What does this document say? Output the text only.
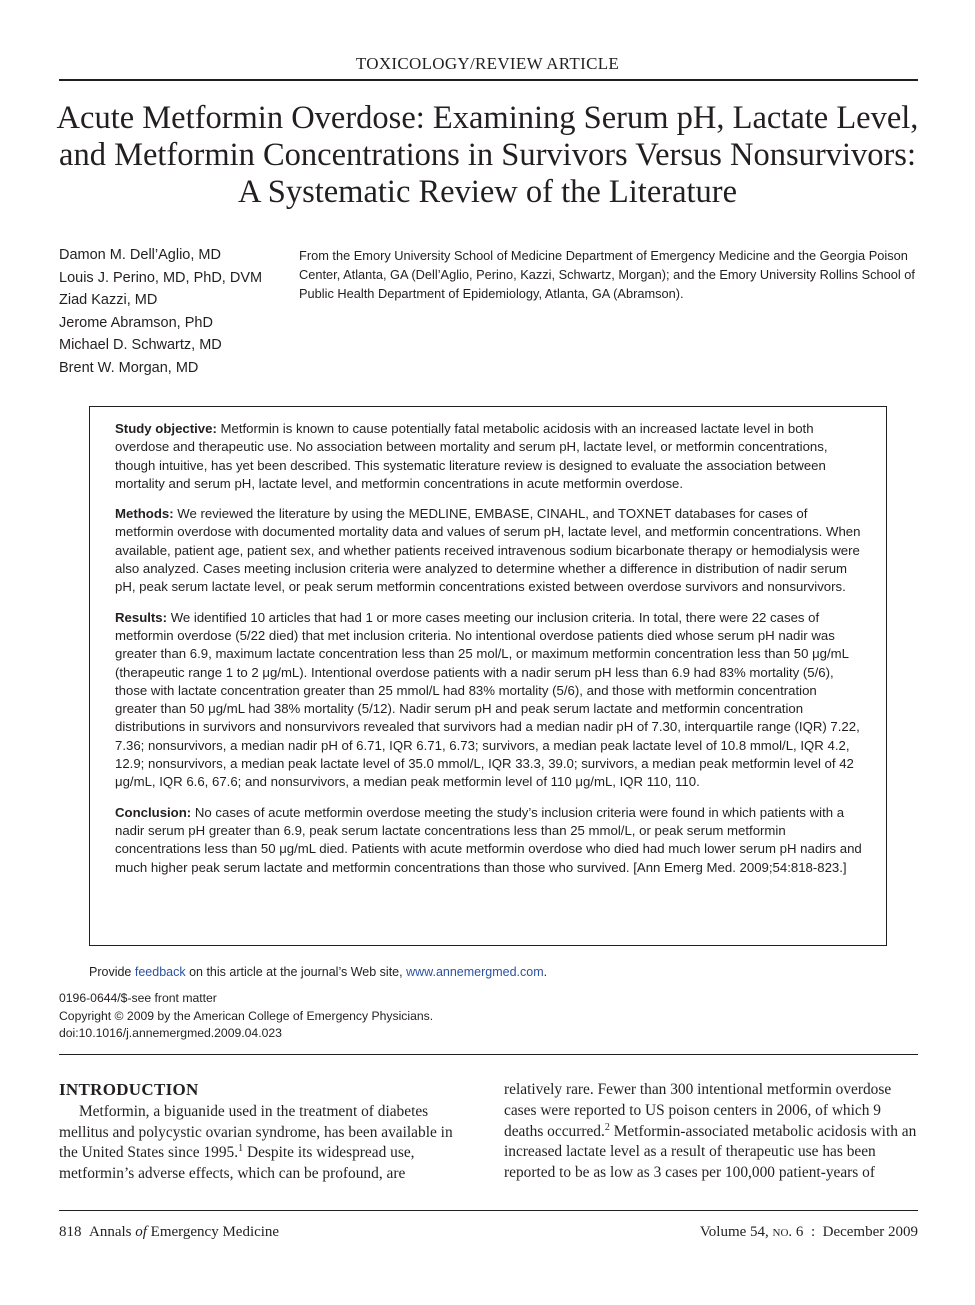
TOXICOLOGY/REVIEW ARTICLE
Acute Metformin Overdose: Examining Serum pH, Lactate Level,
and Metformin Concentrations in Survivors Versus Nonsurvivors:
A Systematic Review of the Literature
Damon M. Dell’Aglio, MD
Louis J. Perino, MD, PhD, DVM
Ziad Kazzi, MD
Jerome Abramson, PhD
Michael D. Schwartz, MD
Brent W. Morgan, MD
From the Emory University School of Medicine Department of Emergency Medicine and the Georgia Poison Center, Atlanta, GA (Dell’Aglio, Perino, Kazzi, Schwartz, Morgan); and the Emory University Rollins School of Public Health Department of Epidemiology, Atlanta, GA (Abramson).

Study objective: Metformin is known to cause potentially fatal metabolic acidosis with an increased lactate level in both overdose and therapeutic use. No association between mortality and serum pH, lactate level, or metformin concentrations, though intuitive, has yet been described. This systematic literature review is designed to evaluate the association between mortality and serum pH, lactate level, and metformin concentrations in acute metformin overdose.

Methods: We reviewed the literature by using the MEDLINE, EMBASE, CINAHL, and TOXNET databases for cases of metformin overdose with documented mortality data and values of serum pH, lactate level, and metformin concentrations. When available, patient age, patient sex, and whether patients received intravenous sodium bicarbonate therapy or hemodialysis were also analyzed. Cases meeting inclusion criteria were analyzed to determine whether a difference in distribution of nadir serum pH, peak serum lactate level, or peak serum metformin concentrations existed between overdose survivors and nonsurvivors.

Results: We identified 10 articles that had 1 or more cases meeting our inclusion criteria. In total, there were 22 cases of metformin overdose (5/22 died) that met inclusion criteria. No intentional overdose patients died whose serum pH nadir was greater than 6.9, maximum lactate concentration less than 25 mol/L, or maximum metformin concentration less than 50 μg/mL (therapeutic range 1 to 2 μg/mL). Intentional overdose patients with a nadir serum pH less than 6.9 had 83% mortality (5/6), those with lactate concentration greater than 25 mmol/L had 83% mortality (5/6), and those with metformin concentration greater than 50 μg/mL had 38% mortality (5/12). Nadir serum pH and peak serum lactate and metformin concentration distributions in survivors and nonsurvivors revealed that survivors had a median nadir pH of 7.30, interquartile range (IQR) 7.22, 7.36; nonsurvivors, a median nadir pH of 6.71, IQR 6.71, 6.73; survivors, a median peak lactate level of 10.8 mmol/L, IQR 4.2, 12.9; nonsurvivors, a median peak lactate level of 35.0 mmol/L, IQR 33.3, 39.0; survivors, a median peak metformin level of 42 μg/mL, IQR 6.6, 67.6; and nonsurvivors, a median peak metformin level of 110 μg/mL, IQR 110, 110.

Conclusion: No cases of acute metformin overdose meeting the study’s inclusion criteria were found in which patients with a nadir serum pH greater than 6.9, peak serum lactate concentrations less than 25 mmol/L, or peak serum metformin concentrations less than 50 μg/mL died. Patients with acute metformin overdose who died had much lower serum pH nadirs and much higher peak serum lactate and metformin concentrations than those who survived. [Ann Emerg Med. 2009;54:818-823.]

Provide feedback on this article at the journal’s Web site, www.annemergmed.com.
0196-0644/$-see front matter
Copyright © 2009 by the American College of Emergency Physicians.
doi:10.1016/j.annemergmed.2009.04.023
INTRODUCTION

Metformin, a biguanide used in the treatment of diabetes mellitus and polycystic ovarian syndrome, has been available in the United States since 1995.$^1$ Despite its widespread use, metformin’s adverse effects, which can be profound, are

relatively rare. Fewer than 300 intentional metformin overdose cases were reported to US poison centers in 2006, of which 9 deaths occurred.$^2$ Metformin-associated metabolic acidosis with an increased lactate level as a result of therapeutic use has been reported to be as low as 3 cases per 100,000 patient-years of

818 Annals of Emergency Medicine	Volume 54, no. 6 : December 2009
